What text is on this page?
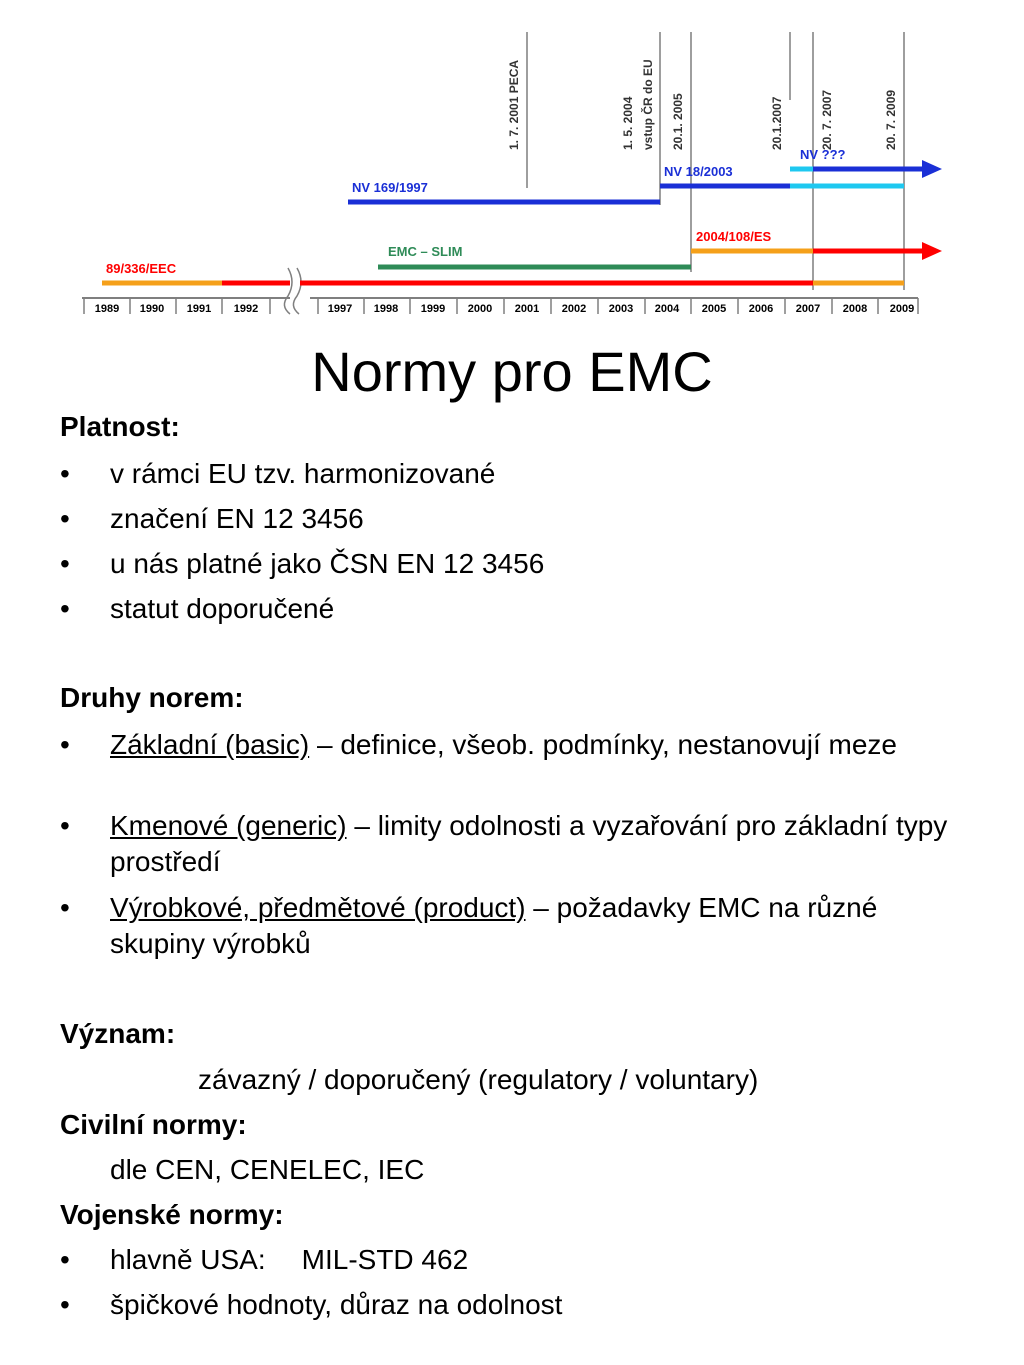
1989 1990 1991 1992	1997 1998 1999 2000 2001 2002 2003 2004 2005 2006 2007 2008 2009
1. 7. 2001 PECA	1. 5. 2004 vstup ČR do EU 20.1. 2005	20.1.2007	20. 7. 2007	20. 7. 2009
89/336/EEC
EMC – SLIM
NV 169/1997
NV 18/2003
2004/108/ES
NV ???
Normy pro EMC
Platnost:
•	v rámci EU tzv. harmonizované
•	značení EN 12 3456
•	u nás platné jako ČSN EN 12 3456
•	statut doporučené
Druhy norem:
•	Základní (basic) – definice, všeob. podmínky, nestanovují meze
•	Kmenové (generic) – limity odolnosti a vyzařování pro základní typy prostředí
•	Výrobkové, předmětové (product) – požadavky EMC na různé skupiny výrobků
Význam:
závazný / doporučený (regulatory / voluntary)
Civilní normy:
dle CEN, CENELEC, IEC
Vojenské normy:
•	hlavně USA: MIL-STD 462
•	špičkové hodnoty, důraz na odolnost
